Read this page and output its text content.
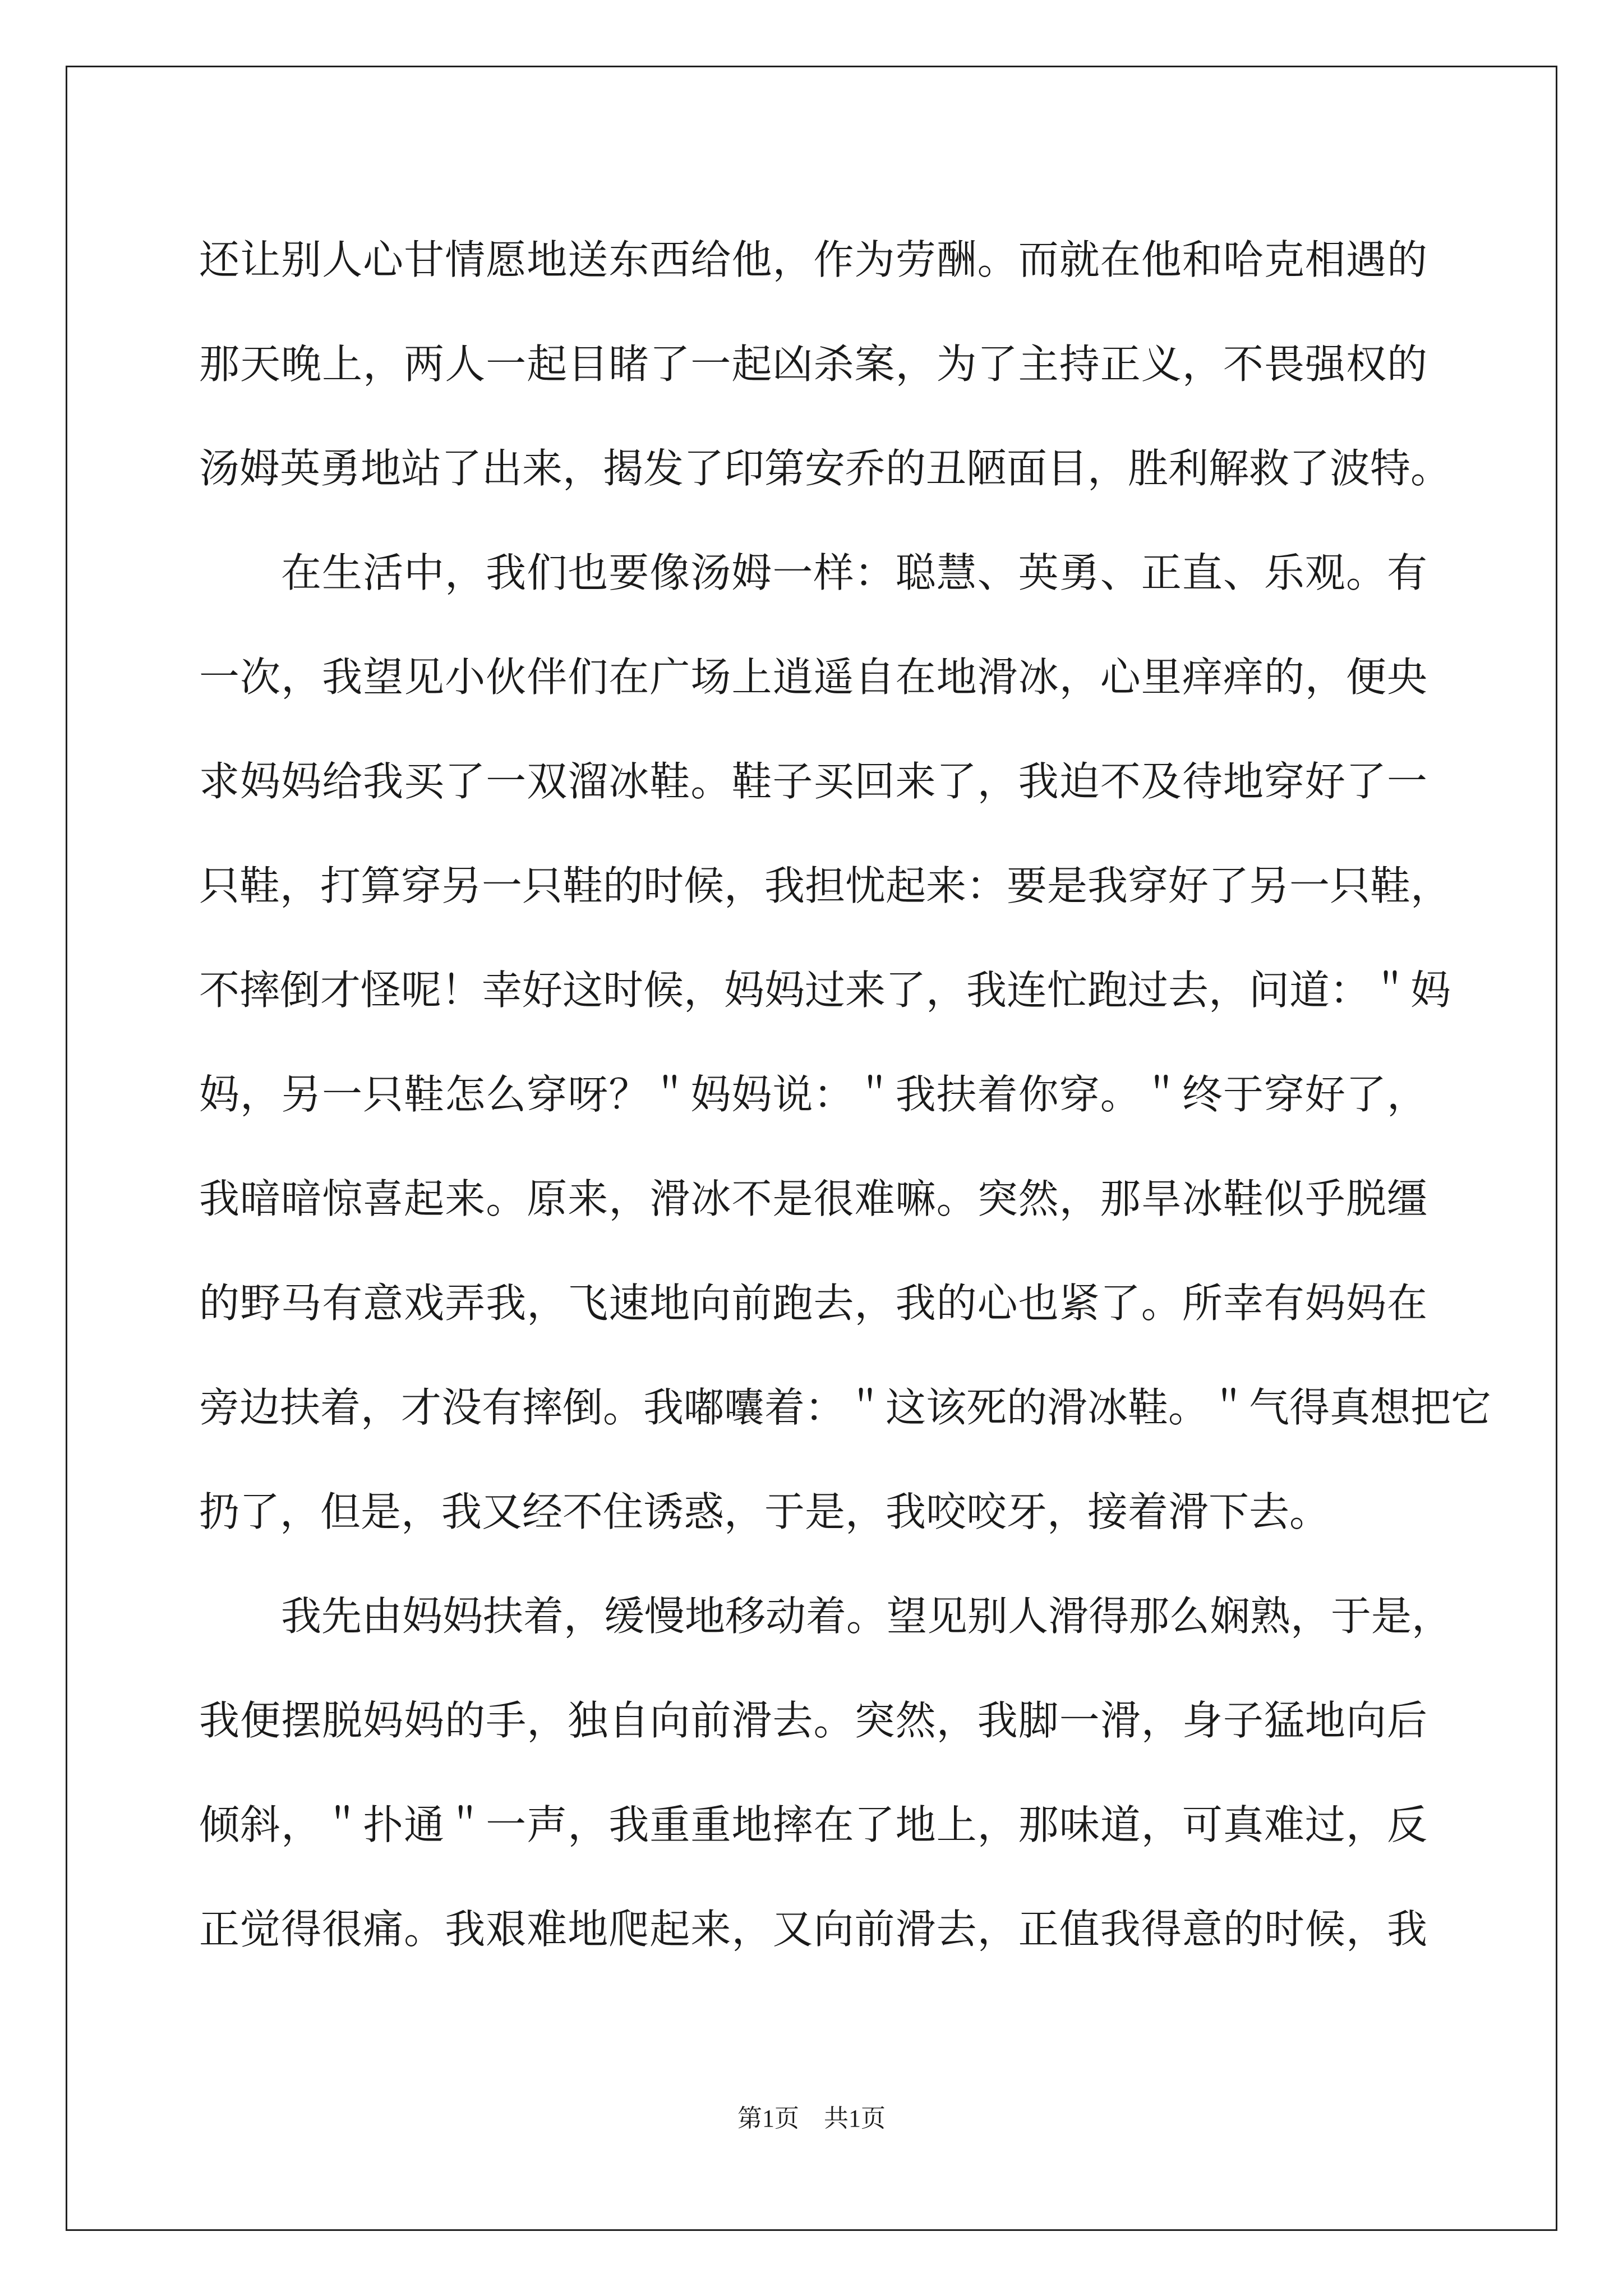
还让别人心甘情愿地送东西给他，作为劳酬。而就在他和哈克相遇的
那天晚上，两人一起目睹了一起凶杀案，为了主持正义，不畏强权的
汤姆英勇地站了出来，揭发了印第安乔的丑陋面目，胜利解救了波特。
在生活中，我们也要像汤姆一样：聪慧、英勇、正直、乐观。有
一次，我望见小伙伴们在广场上逍遥自在地滑冰，心里痒痒的，便央
求妈妈给我买了一双溜冰鞋。鞋子买回来了，我迫不及待地穿好了一
只鞋，打算穿另一只鞋的时候，我担忧起来：要是我穿好了另一只鞋，
不摔倒才怪呢！幸好这时候，妈妈过来了，我连忙跑过去，问道：＂妈
妈，另一只鞋怎么穿呀？＂妈妈说：＂我扶着你穿。＂终于穿好了，
我暗暗惊喜起来。原来，滑冰不是很难嘛。突然，那旱冰鞋似乎脱缰
的野马有意戏弄我，飞速地向前跑去，我的心也紧了。所幸有妈妈在
旁边扶着，才没有摔倒。我嘟囔着：＂这该死的滑冰鞋。＂气得真想把它
扔了，但是，我又经不住诱惑，于是，我咬咬牙，接着滑下去。
我先由妈妈扶着，缓慢地移动着。望见别人滑得那么娴熟，于是，
我便摆脱妈妈的手，独自向前滑去。突然，我脚一滑，身子猛地向后
倾斜，＂扑通＂一声，我重重地摔在了地上，那味道，可真难过，反
正觉得很痛。我艰难地爬起来，又向前滑去，正值我得意的时候，我
第1页　共1页
